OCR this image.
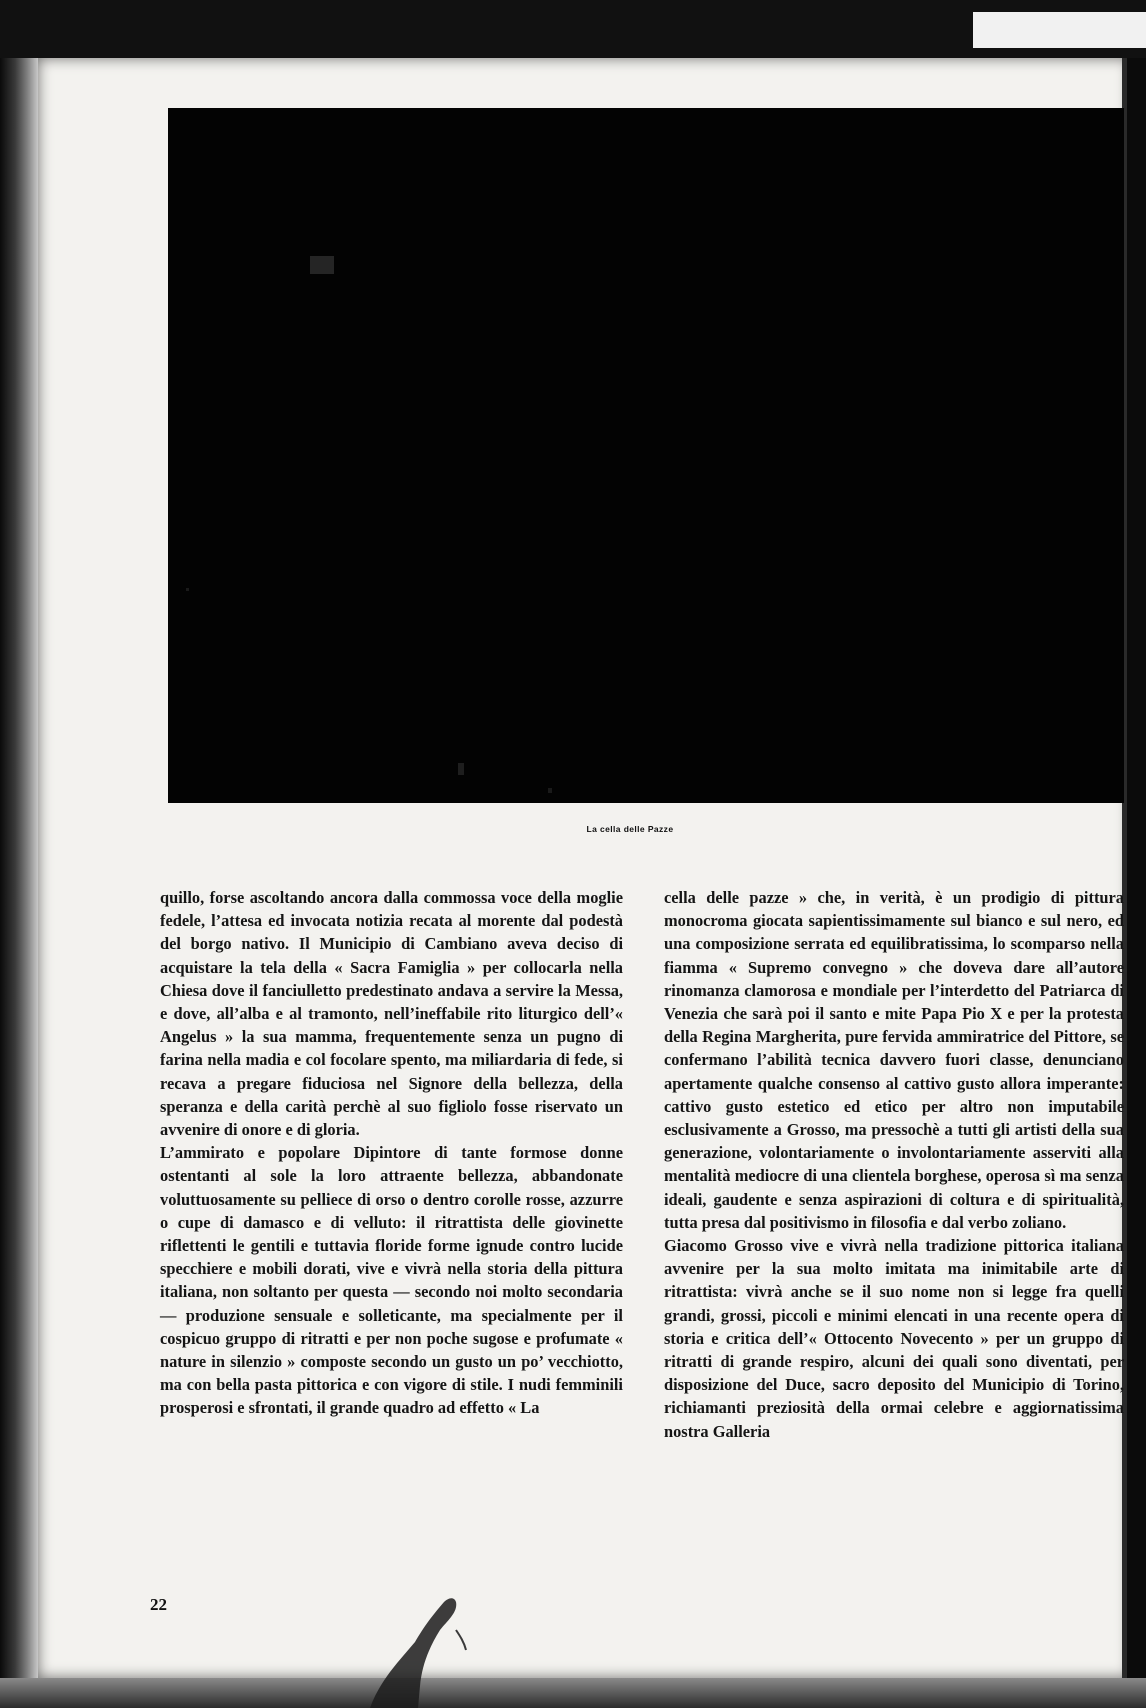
La cella delle Pazze

quillo, forse ascoltando ancora dalla commossa voce della moglie fedele, l’attesa ed invocata notizia recata al morente dal podestà del borgo nativo. Il Municipio di Cambiano aveva deciso di acquistare la tela della « Sacra Famiglia » per collocarla nella Chiesa dove il fanciulletto predestinato andava a servire la Messa, e dove, all’alba e al tramonto, nell’ineffabile rito liturgico dell’« Angelus » la sua mamma, frequentemente senza un pugno di farina nella madia e col focolare spento, ma miliardaria di fede, si recava a pregare fiduciosa nel Signore della bellezza, della speranza e della carità perchè al suo figliolo fosse riservato un avvenire di onore e di gloria.

L’ammirato e popolare Dipintore di tante formose donne ostentanti al sole la loro attraente bellezza, abbandonate voluttuosamente su pelliece di orso o dentro corolle rosse, azzurre o cupe di damasco e di velluto: il ritrattista delle giovinette riflettenti le gentili e tuttavia floride forme ignude contro lucide specchiere e mobili dorati, vive e vivrà nella storia della pittura italiana, non soltanto per questa — secondo noi molto secondaria — produzione sensuale e solleticante, ma specialmente per il cospicuo gruppo di ritratti e per non poche sugose e profumate « nature in silenzio » composte secondo un gusto un po’ vecchiotto, ma con bella pasta pittorica e con vigore di stile. I nudi femminili prosperosi e sfrontati, il grande quadro ad effetto « La

cella delle pazze » che, in verità, è un prodigio di pittura monocroma giocata sapientissimamente sul bianco e sul nero, ed una composizione serrata ed equilibratissima, lo scomparso nella fiamma « Supremo convegno » che doveva dare all’autore rinomanza clamorosa e mondiale per l’interdetto del Patriarca di Venezia che sarà poi il santo e mite Papa Pio X e per la protesta della Regina Margherita, pure fervida ammiratrice del Pittore, se confermano l’abilità tecnica davvero fuori classe, denunciano apertamente qualche consenso al cattivo gusto allora imperante: cattivo gusto estetico ed etico per altro non imputabile esclusivamente a Grosso, ma pressochè a tutti gli artisti della sua generazione, volontariamente o involontariamente asserviti alla mentalità mediocre di una clientela borghese, operosa sì ma senza ideali, gaudente e senza aspirazioni di coltura e di spiritualità, tutta presa dal positivismo in filosofia e dal verbo zoliano.

Giacomo Grosso vive e vivrà nella tradizione pittorica italiana avvenire per la sua molto imitata ma inimitabile arte di ritrattista: vivrà anche se il suo nome non si legge fra quelli grandi, grossi, piccoli e minimi elencati in una recente opera di storia e critica dell’« Ottocento Novecento » per un gruppo di ritratti di grande respiro, alcuni dei quali sono diventati, per disposizione del Duce, sacro deposito del Municipio di Torino, richiamanti preziosità della ormai celebre e aggiornatissima nostra Galleria

22
